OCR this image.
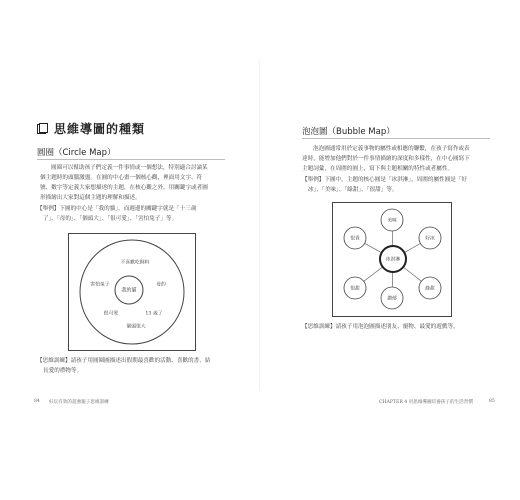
思維導圖的種類
圓圈（Circle Map）
圓圈可以幫助孩子們定義一件事情或一個想法，特別適合討論某
個主題時的頭腦激盪。在圓的中心畫一個核心觀，裡面用文字、符
號、數字等定義大家想描述的主題，在核心觀之外，用關鍵字或者圖
形描繪出大家對這個主題的理解和描述。
【舉例】下圖的中心是「我的貓」，而週邊的關鍵字就是「十三歲
了」、「母的」、「個頭大」、「很可愛」、「害怕兔子」等。
我的貓
不喜歡吃飼料
害怕兔子	母的
很可愛	13 歲了
個頭很大
【思維訓練】請孩子用圓圈圖描述出假期最喜歡的活動、喜歡的書、結
長愛的禮物等。
84 好玩有效的超強親子思維訓練
泡泡圖（Bubble Map）
泡泡圖通常用於定義事物的屬性或相應的聯繫，在孩子寫作或表
達時，能增加他們對於一件事情描繪的深度和多樣性，在中心圓寫下
主題詞彙，在周圍的圓上，寫下與主題相關的特性或者屬性。
【舉例】下圖中，主題的核心圓是「冰淇淋」，周圍的屬性圓是「好
冰」、「美味」、「綠甜」、「很甜」等。
冰淇淋
美味
好冰
綠甜
濃郁
很甜
很貴
【思維訓練】請孩子用泡泡圖描述朋友、寵物、最愛的遊戲等。
CHAPTER 4 用思維導圖培養孩子的生活習慣	85
